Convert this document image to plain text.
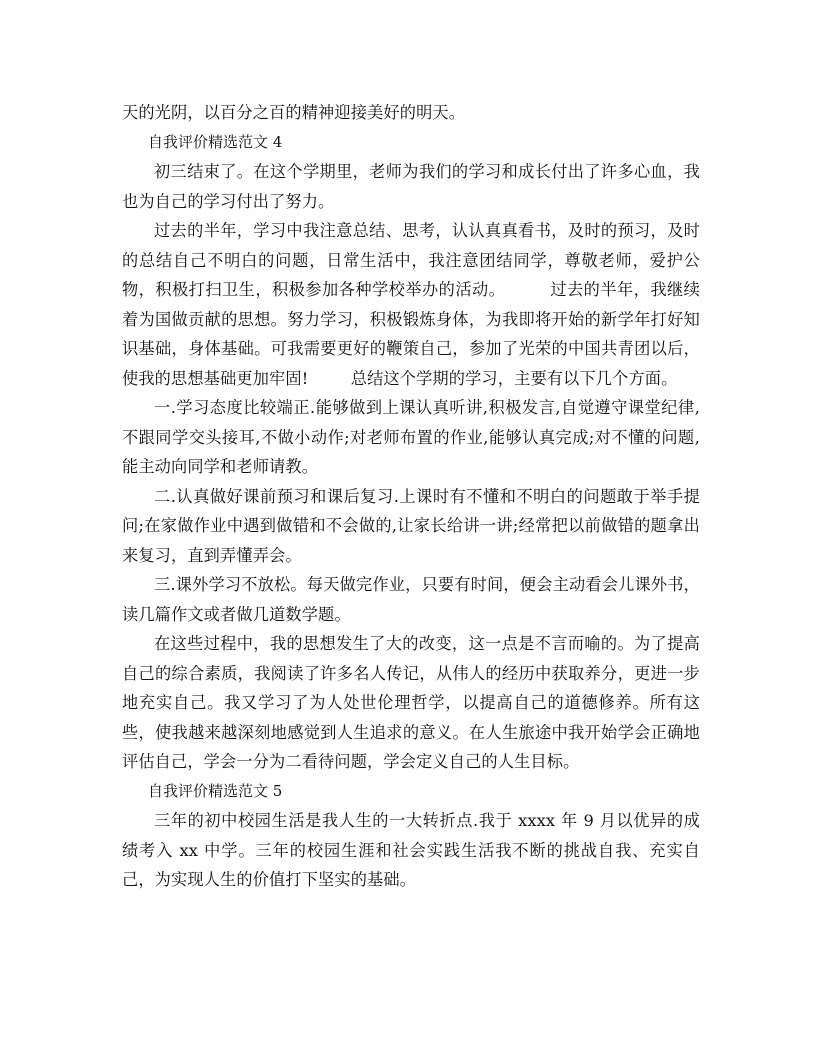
天的光阴，以百分之百的精神迎接美好的明天。

自我评价精选范文 4

初三结束了。在这个学期里，老师为我们的学习和成长付出了许多心血，我也为自己的学习付出了努力。

过去的半年，学习中我注意总结、思考，认认真真看书，及时的预习，及时的总结自己不明白的问题，日常生活中，我注意团结同学，尊敬老师，爱护公物，积极打扫卫生，积极参加各种学校举办的活动。        过去的半年，我继续着为国做贡献的思想。努力学习，积极锻炼身体，为我即将开始的新学年打好知识基础，身体基础。可我需要更好的鞭策自己，参加了光荣的中国共青团以后，使我的思想基础更加牢固!        总结这个学期的学习，主要有以下几个方面。

一.学习态度比较端正.能够做到上课认真听讲,积极发言,自觉遵守课堂纪律,不跟同学交头接耳,不做小动作;对老师布置的作业,能够认真完成;对不懂的问题,能主动向同学和老师请教。

二.认真做好课前预习和课后复习.上课时有不懂和不明白的问题敢于举手提问;在家做作业中遇到做错和不会做的,让家长给讲一讲;经常把以前做错的题拿出来复习，直到弄懂弄会。

三.课外学习不放松。每天做完作业，只要有时间，便会主动看会儿课外书，读几篇作文或者做几道数学题。

在这些过程中，我的思想发生了大的改变，这一点是不言而喻的。为了提高自己的综合素质，我阅读了许多名人传记，从伟人的经历中获取养分，更进一步地充实自己。我又学习了为人处世伦理哲学，以提高自己的道德修养。所有这些，使我越来越深刻地感觉到人生追求的意义。在人生旅途中我开始学会正确地评估自己，学会一分为二看待问题，学会定义自己的人生目标。

自我评价精选范文 5

三年的初中校园生活是我人生的一大转折点.我于 xxxx 年 9 月以优异的成绩考入 xx 中学。三年的校园生涯和社会实践生活我不断的挑战自我、充实自己，为实现人生的价值打下坚实的基础。
